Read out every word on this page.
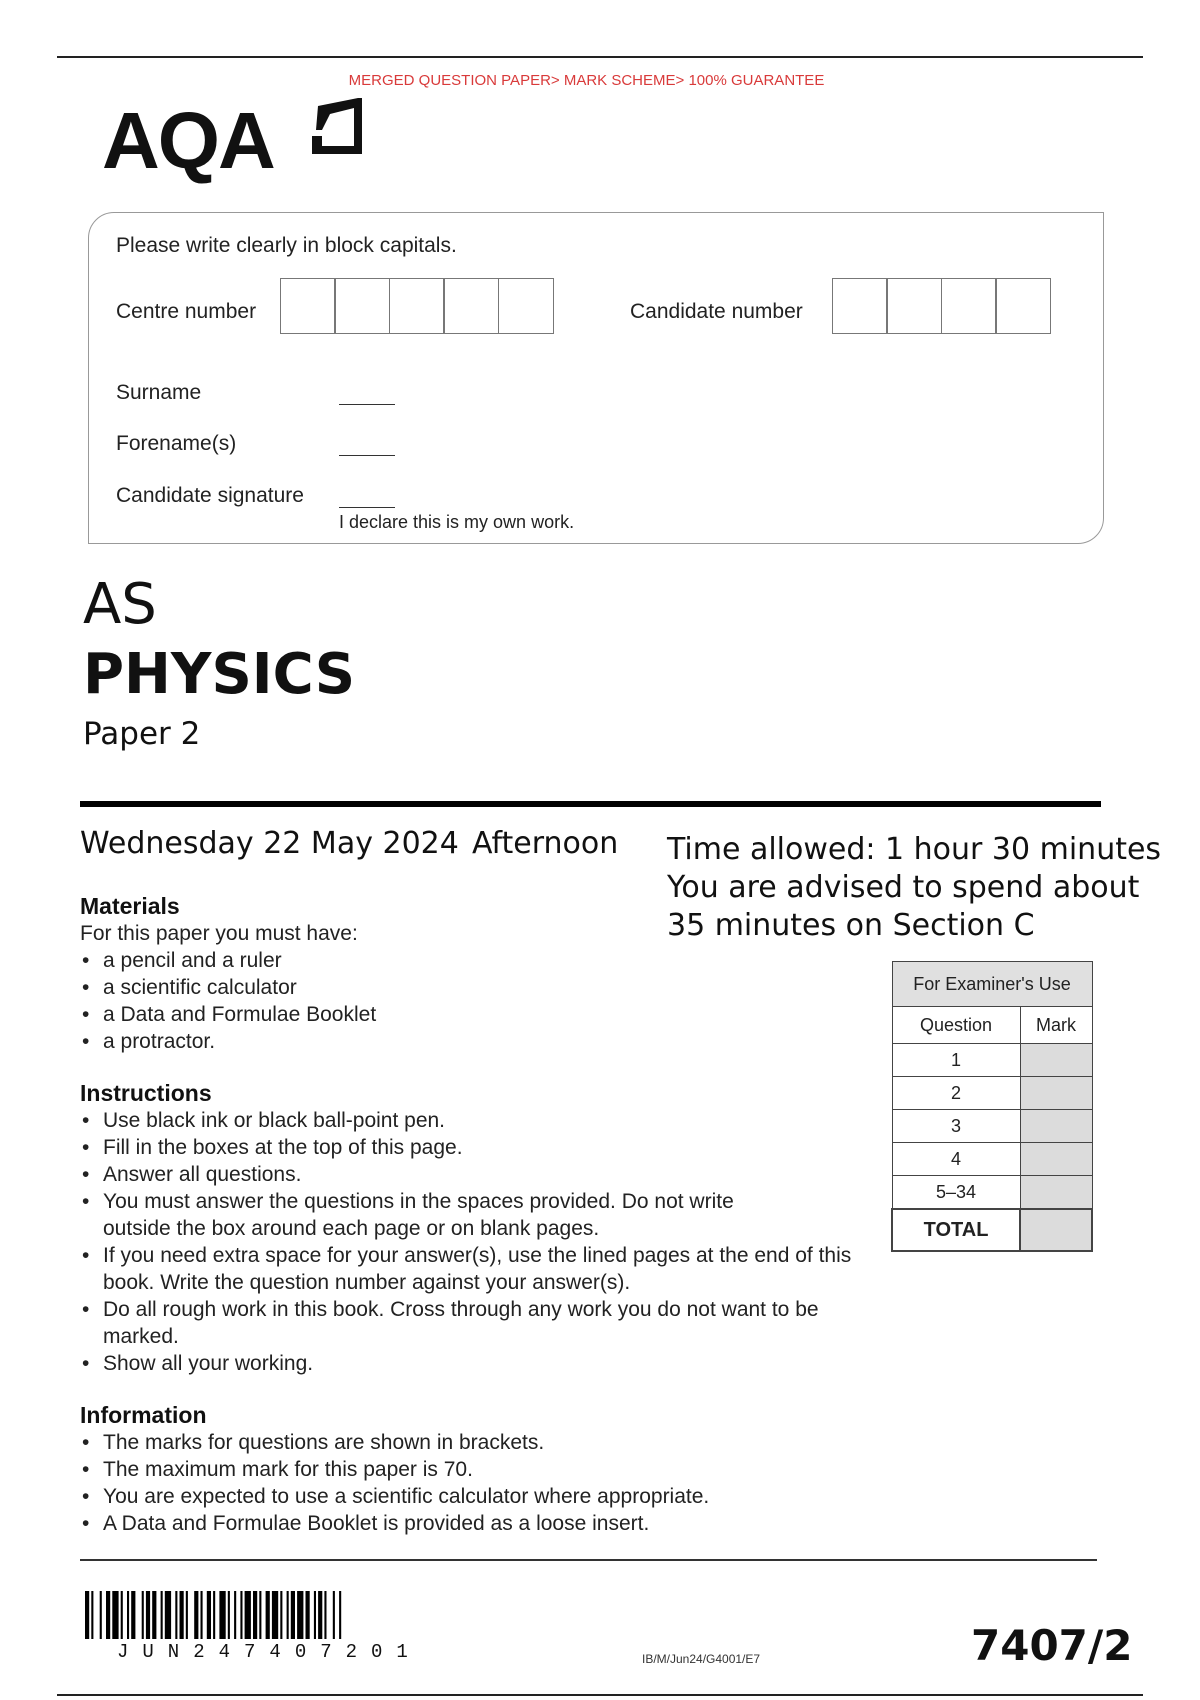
MERGED QUESTION PAPER> MARK SCHEME> 100% GUARANTEE
AQA
Please write clearly in block capitals.
Centre number	Candidate number
Surname
Forename(s)
Candidate signature
I declare this is my own work.
AS
PHYSICS
Paper 2
Wednesday 22 May 2024 Afternoon Time allowed: 1 hour 30 minutes
You are advised to spend about
35 minutes on Section C
Materials
For this paper you must have:
• a pencil and a ruler
• a scientific calculator
• a Data and Formulae Booklet
• a protractor.
Instructions
• Use black ink or black ball-point pen.
• Fill in the boxes at the top of this page.
• Answer all questions.
• You must answer the questions in the spaces provided. Do not write outside the box around each page or on blank pages.
• If you need extra space for your answer(s), use the lined pages at the end of this book. Write the question number against your answer(s).
• Do all rough work in this book. Cross through any work you do not want to be marked.
• Show all your working.
Information
• The marks for questions are shown in brackets.
• The maximum mark for this paper is 70.
• You are expected to use a scientific calculator where appropriate.
• A Data and Formulae Booklet is provided as a loose insert.
For Examiner's Use	
Question	Mark
1	
2	
3	
4	
5–34	
TOTAL	
JUN247407201	IB/M/Jun24/G4001/E7	7407/2
